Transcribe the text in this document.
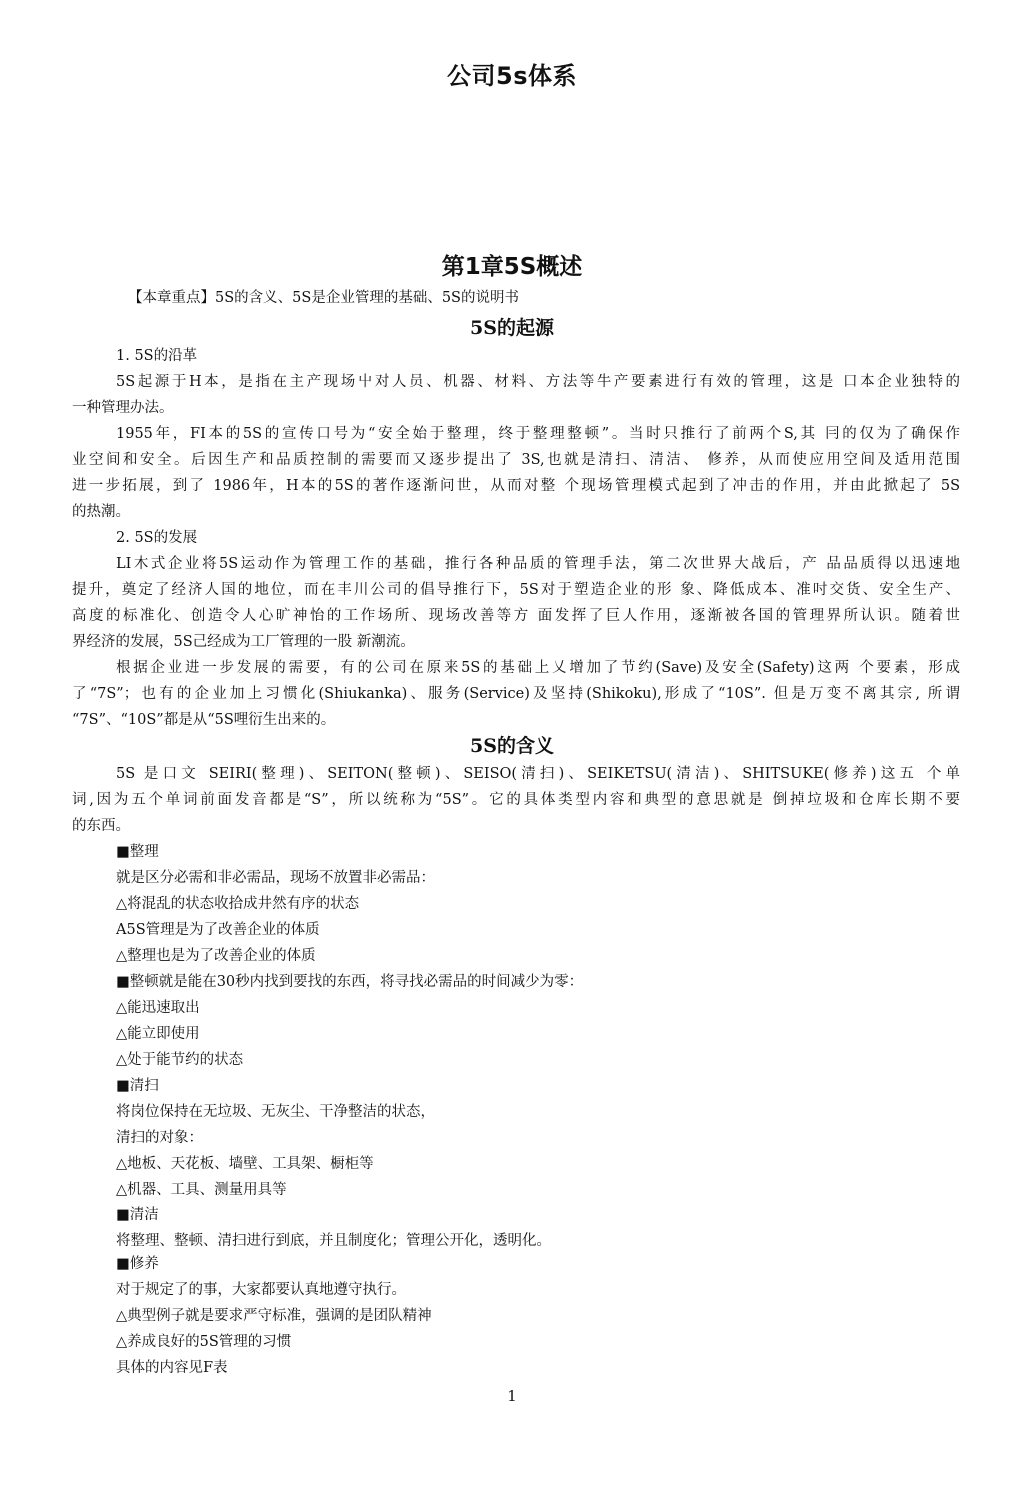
公司5s体系
第1章5S概述
【本章重点】5S的含义、5S是企业管理的基础、5S的说明书
5S的起源
1. 5S的沿革
5S起源于H本，是指在主产现场屮对人员、机器、材料、方法等牛产要素进行有效的管理，这是 口本企业独特的
一种管理办法。
1955年，FI本的5S的宣传口号为“安全始于整理，终于整理整顿”。当时只推行了前两个S,其 冃的仅为了确保作
业空间和安全。后因生产和品质控制的需要而又逐步提出了 3S,也就是清扫、清洁、 修养，从而使应用空间及适用范围
进一步拓展，到了 1986年，H本的5S的著作逐渐问世，从而对整 个现场管理模式起到了冲击的作用，并由此掀起了 5S
的热潮。
2. 5S的发展
LI木式企业将5S运动作为管理工作的基础，推行各种品质的管理手法，第二次世界大战后，产 品品质得以迅速地
提升，奠定了经济人国的地位，而在丰川公司的倡导推行下，5S对于塑造企业的形 象、降低成本、准吋交货、安全生产、
高度的标准化、创造令人心旷神怡的工作场所、现场改善等方 面发挥了巨人作用，逐渐被各国的管理界所认识。随着世
界经济的发展，5S己经成为工厂管理的一股 新潮流。
根据企业进一步发展的需要，有的公司在原来5S的基础上乂增加了节约(Save)及安全(Safety)这两 个要素，形成
了“7S”；也有的企业加上习惯化(Shiukanka)、服务(Service)及坚持(Shikoku),形成了“10S”. 但是万变不离其宗, 所谓
“7S”、“10S”都是从“5S哩衍生出来的。
5S的含义
5S 是口文 SEIRI(整理)、SEITON(整顿)、SEISO(清扫)、SEIKETSU(清洁)、SHITSUKE(修养)这五 个单
词,因为五个单词前面发音都是“S”，所以统称为“5S”。它的具体类型内容和典型的意思就是 倒掉垃圾和仓库长期不要
的东西。
■整理
就是区分必需和非必需品，现场不放置非必需品：
△将混乱的状态收拾成井然有序的状态
A5S管理是为了改善企业的体质
△整理也是为了改善企业的体质
■整顿就是能在30秒内找到要找的东西，将寻找必需品的时间减少为零：
△能迅速取出
△能立即使用
△处于能节约的状态
■清扫
将岗位保持在无垃圾、无灰尘、干净整洁的状态，
清扫的对象：
△地板、天花板、墙壁、工具架、橱柜等
△机器、工具、测量用具等
■清洁
将整理、整顿、清扫进行到底，并且制度化；管理公开化，透明化。
■修养
对于规定了的事，大家都要认真地遵守执行。
△典型例子就是要求严守标准，强调的是团队精神
△养成良好的5S管理的习惯
具体的内容见F表
1
